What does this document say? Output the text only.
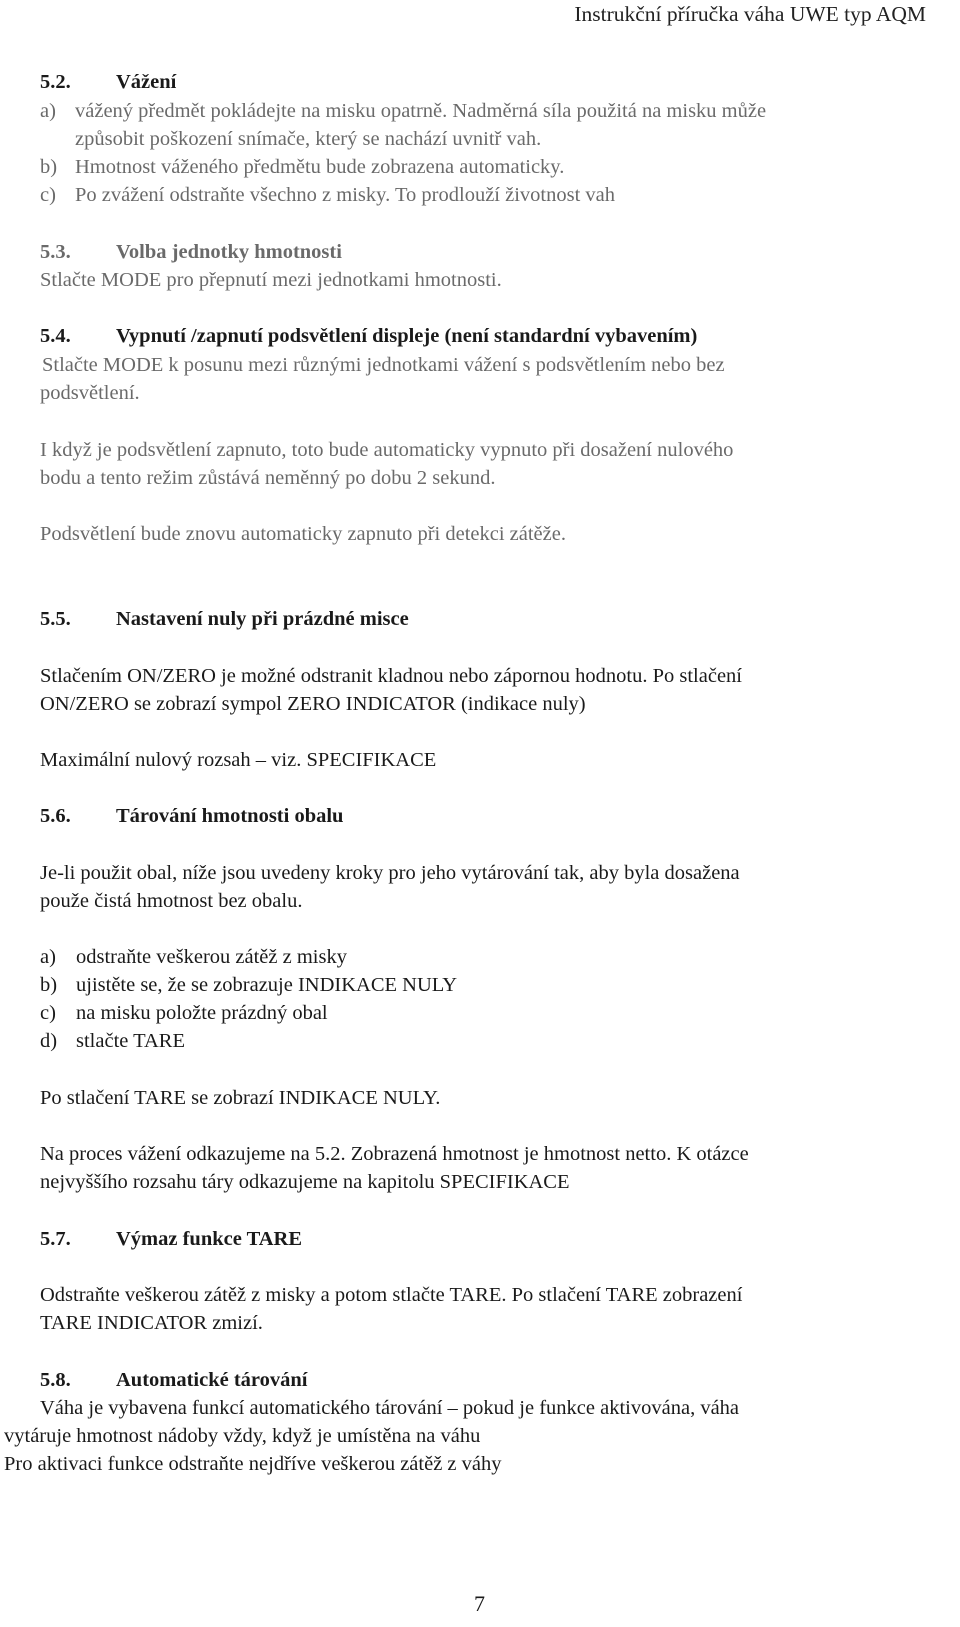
Instrukční příručka váha UWE typ AQM
5.2. Vážení
a) vážený předmět pokládejte na misku opatrně. Nadměrná síla použitá na misku může
způsobit poškození snímače, který se nachází uvnitř vah.
b) Hmotnost váženého předmětu bude zobrazena automaticky.
c) Po zvážení odstraňte všechno z misky. To prodlouží životnost vah
5.3. Volba jednotky hmotnosti
Stlačte MODE pro přepnutí mezi jednotkami hmotnosti.
5.4. Vypnutí /zapnutí podsvětlení displeje (není standardní vybavením)
Stlačte MODE k posunu mezi různými jednotkami vážení s podsvětlením nebo bez
podsvětlení.
I když je podsvětlení zapnuto, toto bude automaticky vypnuto při dosažení nulového
bodu a tento režim zůstává neměnný po dobu 2 sekund.
Podsvětlení bude znovu automaticky zapnuto při detekci zátěže.
5.5. Nastavení nuly při prázdné misce
Stlačením ON/ZERO je možné odstranit kladnou nebo zápornou hodnotu. Po stlačení
ON/ZERO se zobrazí sympol ZERO INDICATOR (indikace nuly)
Maximální nulový rozsah – viz. SPECIFIKACE
5.6. Tárování hmotnosti obalu
Je-li použit obal, níže jsou uvedeny kroky pro jeho vytárování tak, aby byla dosažena
použe čistá hmotnost bez obalu.
a) odstraňte veškerou zátěž z misky
b) ujistěte se, že se zobrazuje INDIKACE NULY
c) na misku položte prázdný obal
d) stlačte TARE
Po stlačení TARE se zobrazí INDIKACE NULY.
Na proces vážení odkazujeme na 5.2. Zobrazená hmotnost je hmotnost netto. K otázce
nejvyššího rozsahu táry odkazujeme na kapitolu SPECIFIKACE
5.7. Výmaz funkce TARE
Odstraňte veškerou zátěž z misky a potom stlačte TARE. Po stlačení TARE zobrazení
TARE INDICATOR zmizí.
5.8. Automatické tárování
Váha je vybavena funkcí automatického tárování – pokud je funkce aktivována, váha
vytáruje hmotnost nádoby vždy, když je umístěna na váhu
Pro aktivaci funkce odstraňte nejdříve veškerou zátěž z váhy
7
